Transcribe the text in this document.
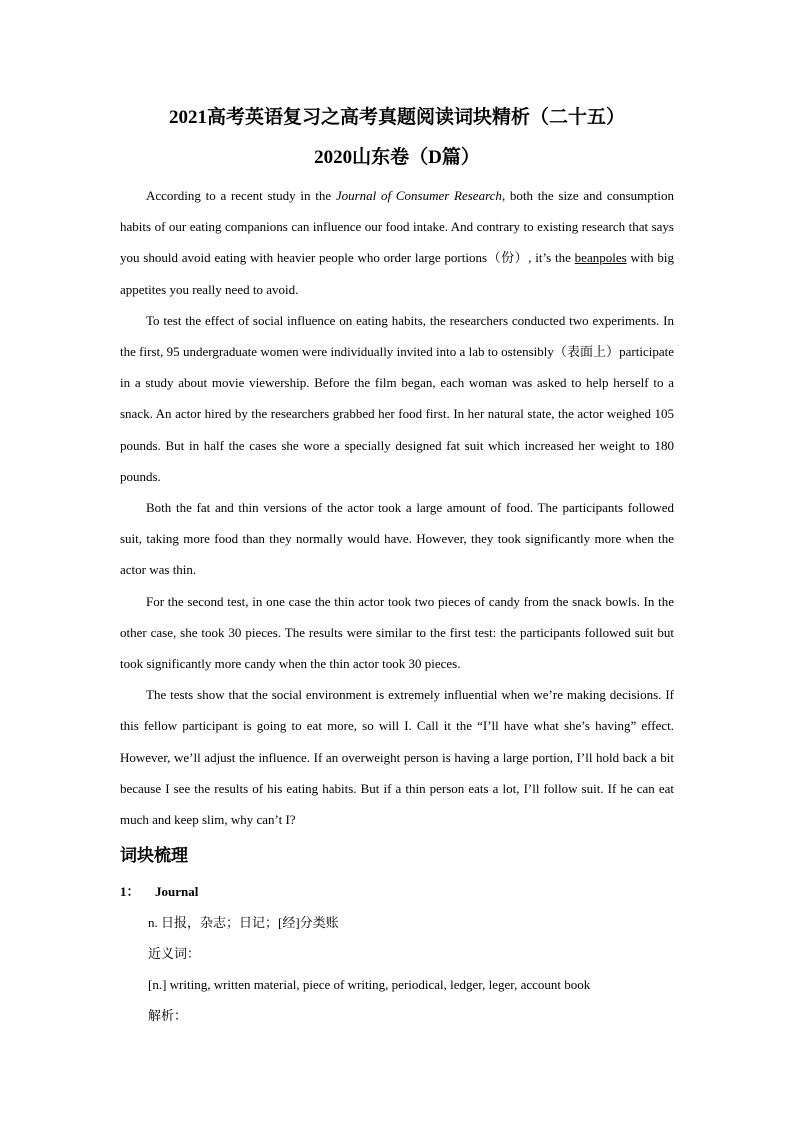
2021高考英语复习之高考真题阅读词块精析（二十五）
2020山东卷（D篇）

According to a recent study in the Journal of Consumer Research, both the size and consumption habits of our eating companions can influence our food intake. And contrary to existing research that says you should avoid eating with heavier people who order large portions（份）, it’s the beanpoles with big appetites you really need to avoid.

To test the effect of social influence on eating habits, the researchers conducted two experiments. In the first, 95 undergraduate women were individually invited into a lab to ostensibly（表面上）participate in a study about movie viewership. Before the film began, each woman was asked to help herself to a snack. An actor hired by the researchers grabbed her food first. In her natural state, the actor weighed 105 pounds. But in half the cases she wore a specially designed fat suit which increased her weight to 180 pounds.

Both the fat and thin versions of the actor took a large amount of food. The participants followed suit, taking more food than they normally would have. However, they took significantly more when the actor was thin.

For the second test, in one case the thin actor took two pieces of candy from the snack bowls. In the other case, she took 30 pieces. The results were similar to the first test: the participants followed suit but took significantly more candy when the thin actor took 30 pieces.

The tests show that the social environment is extremely influential when we’re making decisions. If this fellow participant is going to eat more, so will I. Call it the “I’ll have what she’s having” effect. However, we’ll adjust the influence. If an overweight person is having a large portion, I’ll hold back a bit because I see the results of his eating habits. But if a thin person eats a lot, I’ll follow suit. If he can eat much and keep slim, why can’t I?

词块梳理
1： Journal
n. 日报，杂志；日记；[经]分类账
近义词：
[n.] writing, written material, piece of writing, periodical, ledger, leger, account book
解析：
